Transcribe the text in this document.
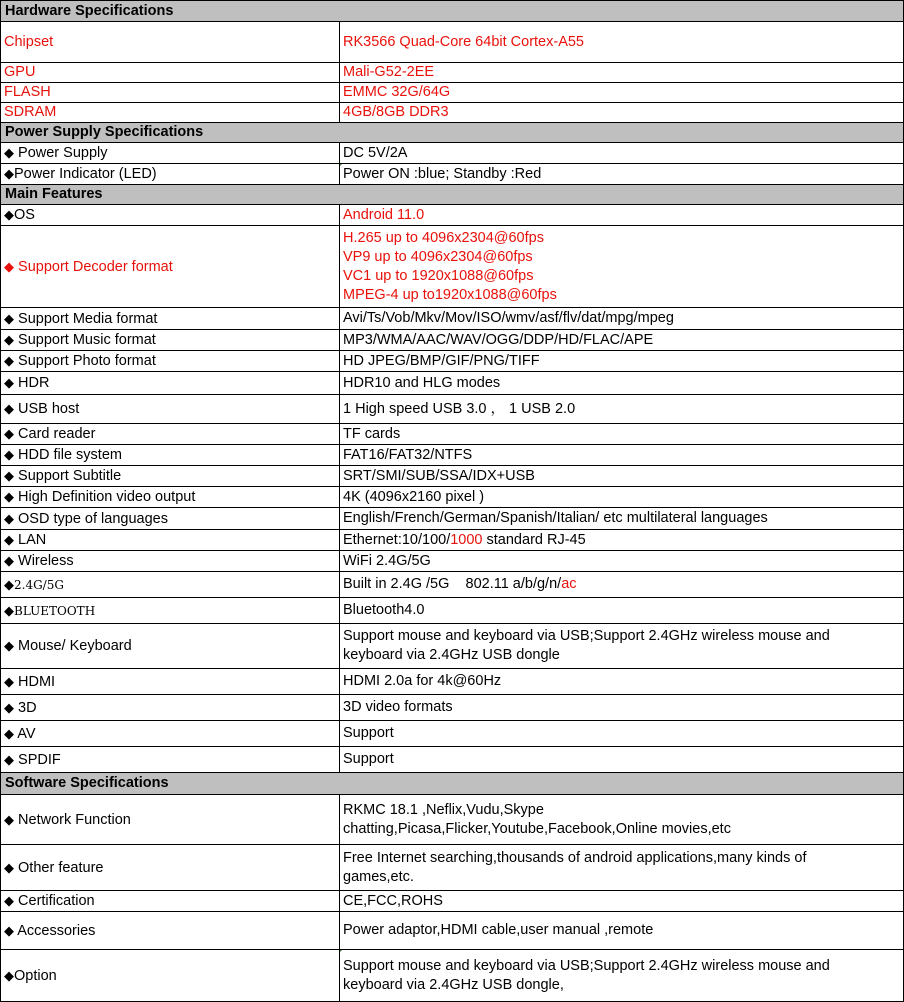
Hardware Specifications	
Chipset	RK3566 Quad-Core 64bit Cortex-A55
GPU	Mali-G52-2EE
FLASH	EMMC 32G/64G
SDRAM	4GB/8GB DDR3
Power Supply Specifications	
◆ Power Supply	DC 5V/2A
◆Power Indicator (LED)	Power ON :blue; Standby :Red
Main Features	
◆OS	Android 11.0
◆ Support Decoder format	H.265 up to 4096x2304@60fps
VP9 up to 4096x2304@60fps
VC1 up to 1920x1088@60fps
MPEG-4 up to1920x1088@60fps

◆ Support Media format	Avi/Ts/Vob/Mkv/Mov/ISO/wmv/asf/flv/dat/mpg/mpeg
◆ Support Music format	MP3/WMA/AAC/WAV/OGG/DDP/HD/FLAC/APE
◆ Support Photo format	HD JPEG/BMP/GIF/PNG/TIFF
◆ HDR	HDR10 and HLG modes
◆ USB host	1 High speed USB 3.0 ， 1 USB 2.0
◆ Card reader	TF cards
◆ HDD file system	FAT16/FAT32/NTFS
◆ Support Subtitle	SRT/SMI/SUB/SSA/IDX+USB
◆ High Definition video output	4K (4096x2160 pixel )
◆ OSD type of languages	English/French/German/Spanish/Italian/ etc multilateral languages
◆ LAN	Ethernet:10/100/1000 standard RJ-45
◆ Wireless	WiFi 2.4G/5G
◆2.4G/5G	Built in 2.4G /5G    802.11 a/b/g/n/ac
◆BLUETOOTH	Bluetooth4.0
◆ Mouse/ Keyboard	Support mouse and keyboard via USB;Support 2.4GHz wireless mouse and
keyboard via 2.4GHz USB dongle

◆ HDMI	HDMI 2.0a for 4k@60Hz
◆ 3D	3D video formats
◆ AV	Support
◆ SPDIF	Support
Software Specifications	
◆ Network Function	RKMC 18.1 ,Neflix,Vudu,Skype
chatting,Picasa,Flicker,Youtube,Facebook,Online movies,etc

◆ Other feature	Free Internet searching,thousands of android applications,many kinds of
games,etc.

◆ Certification	CE,FCC,ROHS
◆ Accessories	Power adaptor,HDMI cable,user manual ,remote
◆Option	Support mouse and keyboard via USB;Support 2.4GHz wireless mouse and
keyboard via 2.4GHz USB dongle,
